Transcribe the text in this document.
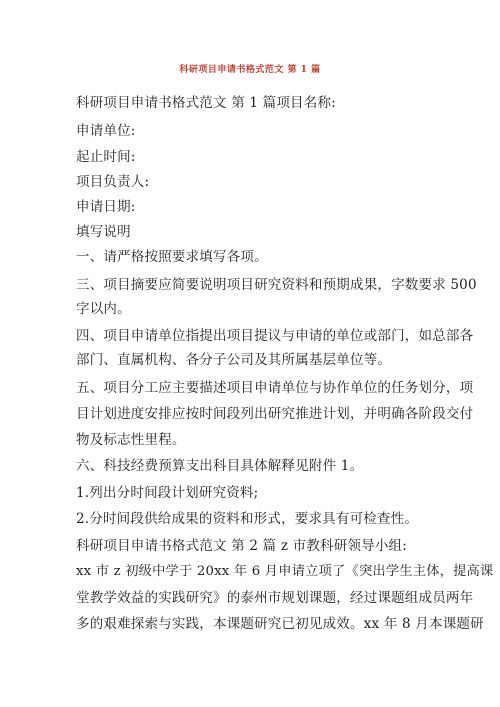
科研项目申请书格式范文 第 1 篇
科研项目申请书格式范文 第 1 篇项目名称:
申请单位:
起止时间:
项目负责人:
申请日期:
填写说明
一、请严格按照要求填写各项。
三、项目摘要应简要说明项目研究资料和预期成果，字数要求 500
字以内。
四、项目申请单位指提出项目提议与申请的单位或部门，如总部各
部门、直属机构、各分子公司及其所属基层单位等。
五、项目分工应主要描述项目申请单位与协作单位的任务划分，项
目计划进度安排应按时间段列出研究推进计划，并明确各阶段交付
物及标志性里程。
六、科技经费预算支出科目具体解释见附件 1。
1.列出分时间段计划研究资料;
2.分时间段供给成果的资料和形式，要求具有可检查性。
科研项目申请书格式范文 第 2 篇 z 市教科研领导小组:
xx 市 z 初级中学于 20xx 年 6 月申请立项了《突出学生主体，提高课
堂教学效益的实践研究》的泰州市规划课题，经过课题组成员两年
多的艰难探索与实践，本课题研究已初见成效。xx 年 8 月本课题研
